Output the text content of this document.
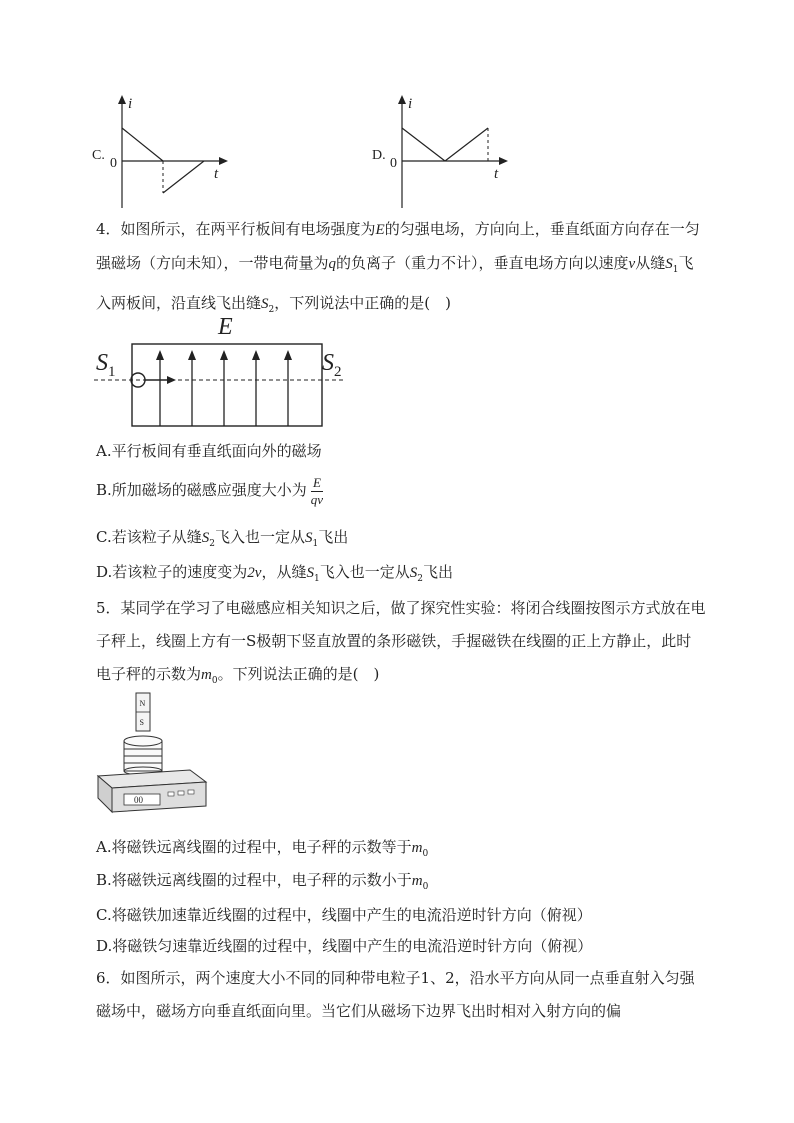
C.
0
i
t
D.
0
i
t
4．如图所示，在两平行板间有电场强度为E的匀强电场，方向向上，垂直纸面方向存在一匀强磁场（方向未知），一带电荷量为q的负离子（重力不计），垂直电场方向以速度v从缝$S_1$飞入两板间，沿直线飞出缝$S_2$，下列说法中正确的是(　)
E
$S_1$	$S_2$
A.平行板间有垂直纸面向外的磁场
B.所加磁场的磁感应强度大小为 $\frac{E}{qv}$
C.若该粒子从缝$S_2$飞入也一定从$S_1$飞出
D.若该粒子的速度变为2v，从缝$S_1$飞入也一定从$S_2$飞出
5．某同学在学习了电磁感应相关知识之后，做了探究性实验：将闭合线圈按图示方式放在电子秤上，线圈上方有一S极朝下竖直放置的条形磁铁，手握磁铁在线圈的正上方静止，此时电子秤的示数为$m_0$。下列说法正确的是(　)
N
S
00
A.将磁铁远离线圈的过程中，电子秤的示数等于$m_0$
B.将磁铁远离线圈的过程中，电子秤的示数小于$m_0$
C.将磁铁加速靠近线圈的过程中，线圈中产生的电流沿逆时针方向（俯视）
D.将磁铁匀速靠近线圈的过程中，线圈中产生的电流沿逆时针方向（俯视）
6．如图所示，两个速度大小不同的同种带电粒子1、2，沿水平方向从同一点垂直射入匀强磁场中，磁场方向垂直纸面向里。当它们从磁场下边界飞出时相对入射方向的偏
